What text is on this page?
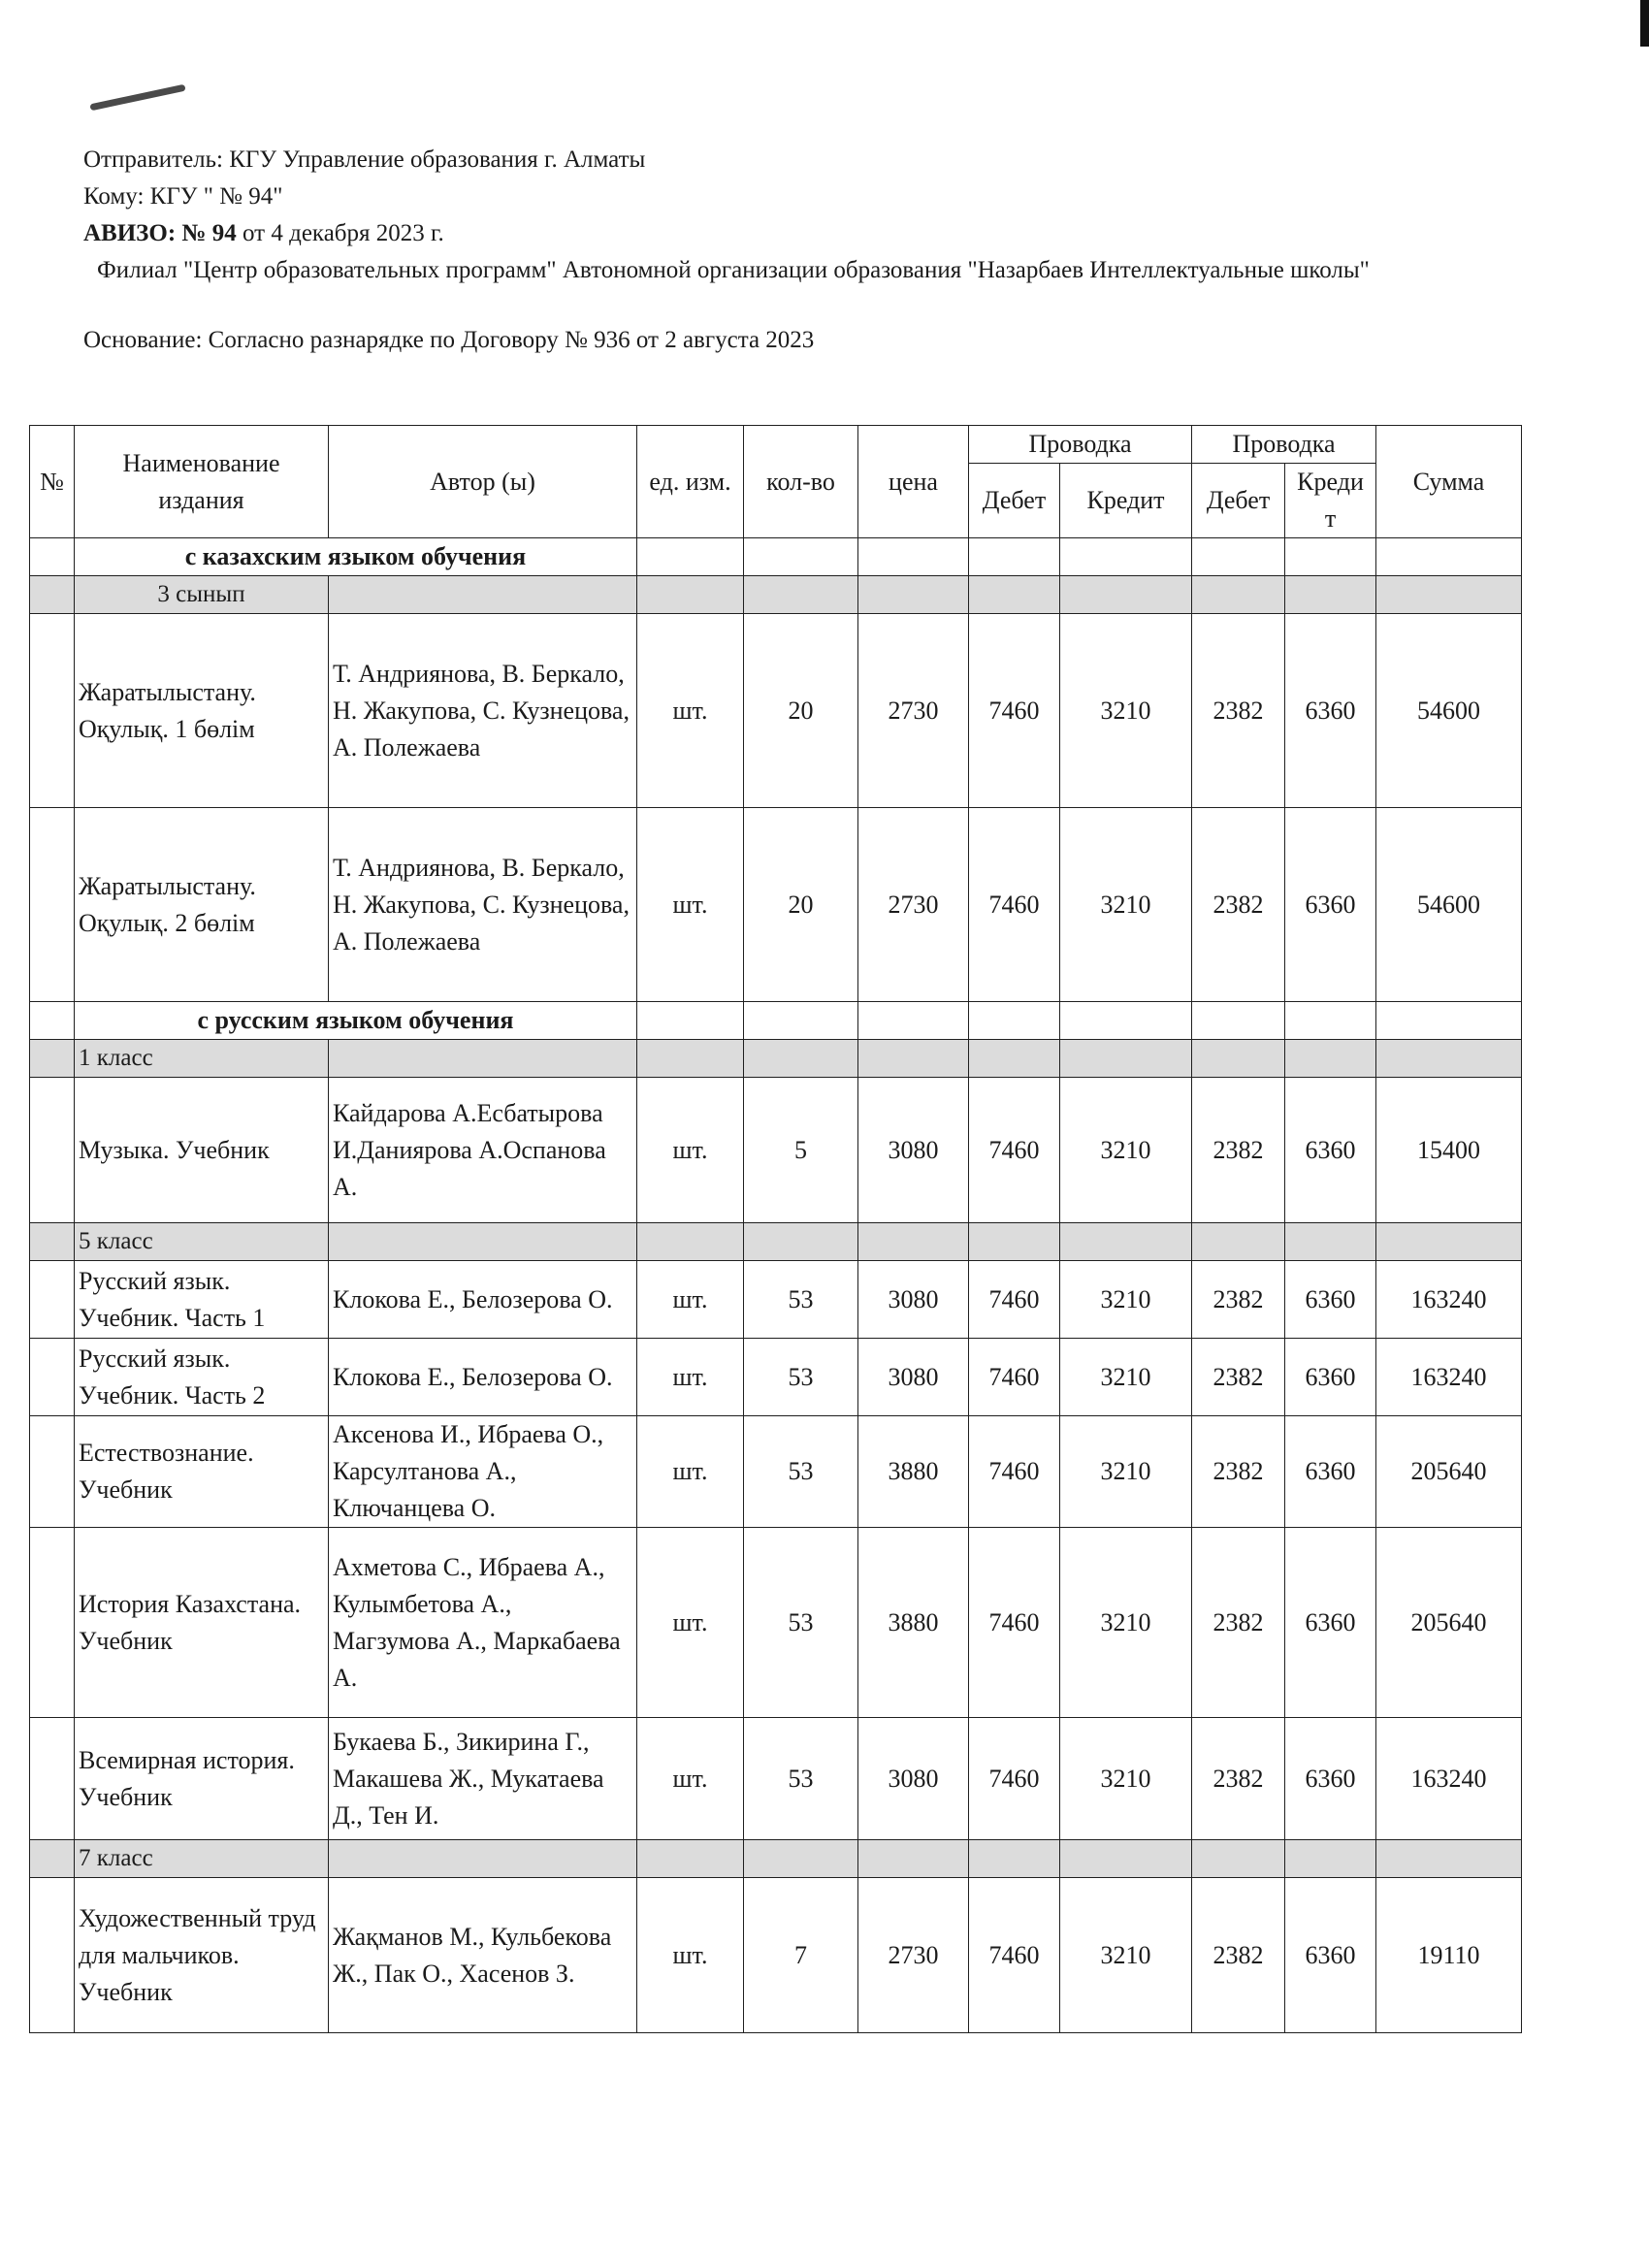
Отправитель: КГУ Управление образования г. Алматы
Кому: КГУ " № 94"
АВИЗО: № 94 от 4 декабря 2023 г.
Филиал "Центр образовательных программ" Автономной организации образования "Назарбаев Интеллектуальные школы"
Основание: Согласно разнарядке по Договору № 936 от 2 августа 2023
№	Наименование издания	Автор (ы)	ед. изм.	кол-во	цена	Проводка		Проводка		Сумма
						Дебет	Кредит	Дебет	Креди т	
	с казахским языком обучения									
	3 сынып									
	Жаратылыстану. Оқулық. 1 бөлім	Т. Андриянова, В. Беркало, Н. Жакупова, С. Кузнецова, А. Полежаева	шт.	20	2730	7460	3210	2382	6360	54600
	Жаратылыстану. Оқулық. 2 бөлім	Т. Андриянова, В. Беркало, Н. Жакупова, С. Кузнецова, А. Полежаева	шт.	20	2730	7460	3210	2382	6360	54600
	с русским языком обучения									
	1 класс									
	Музыка. Учебник	Кайдарова А.Есбатырова И.Даниярова А.Оспанова А.	шт.	5	3080	7460	3210	2382	6360	15400
	5 класс									
	Русский язык. Учебник. Часть 1	Клокова Е., Белозерова О.	шт.	53	3080	7460	3210	2382	6360	163240
	Русский язык. Учебник. Часть 2	Клокова Е., Белозерова О.	шт.	53	3080	7460	3210	2382	6360	163240
	Естествознание. Учебник	Аксенова И., Ибраева О., Карсултанова А., Ключанцева О.	шт.	53	3880	7460	3210	2382	6360	205640
	История Казахстана. Учебник	Ахметова С., Ибраева А., Кулымбетова А., Магзумова А., Маркабаева А.	шт.	53	3880	7460	3210	2382	6360	205640
	Всемирная история. Учебник	Букаева Б., Зикирина Г., Макашева Ж., Мукатаева Д., Тен И.	шт.	53	3080	7460	3210	2382	6360	163240
	7 класс									
	Художественный труд для мальчиков. Учебник	Жақманов М., Кульбекова Ж., Пак О., Хасенов З.	шт.	7	2730	7460	3210	2382	6360	19110
